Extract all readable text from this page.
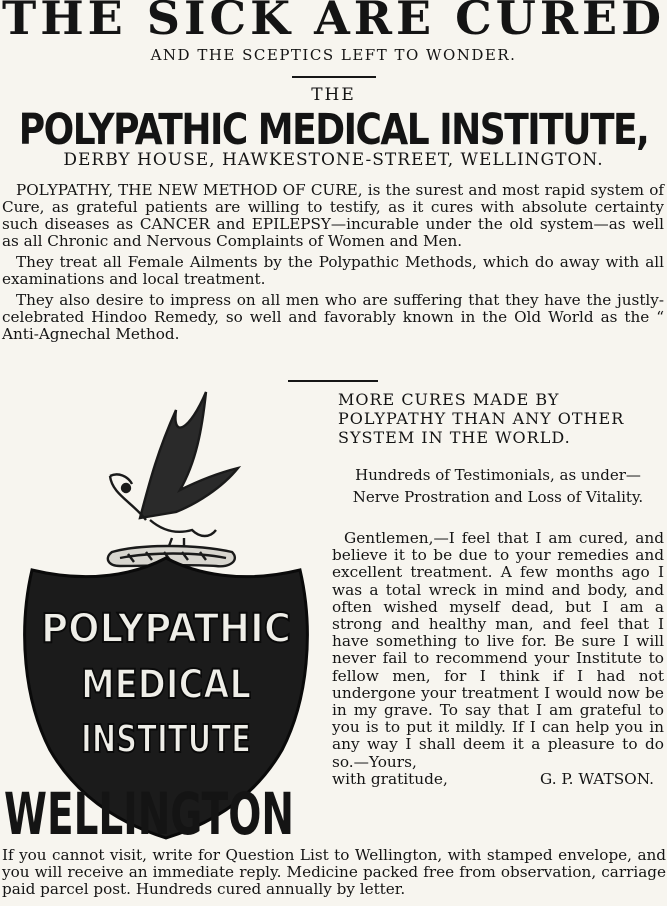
THE SICK ARE CURED
AND THE SCEPTICS LEFT TO WONDER.
THE
POLYPATHIC MEDICAL INSTITUTE,
DERBY HOUSE, HAWKESTONE-STREET, WELLINGTON.

POLYPATHY, THE NEW METHOD OF CURE, is the surest and most rapid system of Cure, as grateful patients are willing to testify, as it cures with absolute certainty such diseases as CANCER and EPILEPSY—incurable under the old system—as well as all Chronic and Nervous Complaints of Women and Men.

They treat all Female Ailments by the Polypathic Methods, which do away with all examinations and local treatment.

They also desire to impress on all men who are suffering that they have the justly-celebrated Hindoo Remedy, so well and favorably known in the Old World as the “ Anti-Agnechal Method.

POLYPATHIC
MEDICAL
INSTITUTE
WELLINGTON
MORE CURES MADE BY POLYPATHY THAN ANY OTHER SYSTEM IN THE WORLD.
Hundreds of Testimonials, as under—
Nerve Prostration and Loss of Vitality.

Gentlemen,—I feel that I am cured, and believe it to be due to your remedies and excellent treatment. A few months ago I was a total wreck in mind and body, and often wished myself dead, but I am a strong and healthy man, and feel that I have something to live for. Be sure I will never fail to recommend your Institute to fellow men, for I think if I had not undergone your treatment I would now be in my grave. To say that I am grateful to you is to put it mildly. If I can help you in any way I shall deem it a pleasure to do so.—Yours,

with gratitude,	G. P. WATSON.
If you cannot visit, write for Question List to Wellington, with stamped envelope, and you will receive an immediate reply. Medicine packed free from observation, carriage paid parcel post. Hundreds cured annually by letter.
